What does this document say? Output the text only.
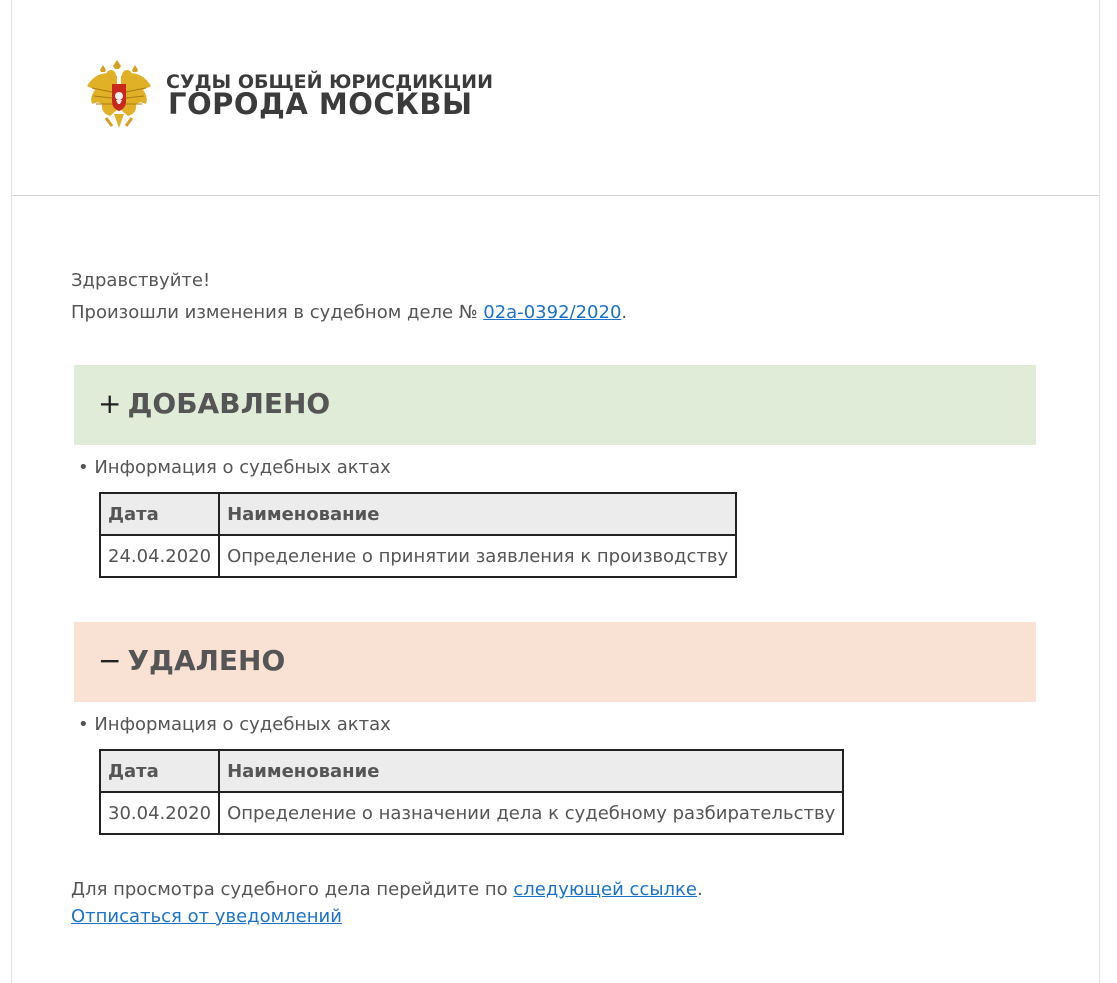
СУДЫ ОБЩЕЙ ЮРИСДИКЦИИ
ГОРОДА МОСКВЫ
Здравствуйте!
Произошли изменения в судебном деле № 02а-0392/2020.
+ ДОБАВЛЕНО
• Информация о судебных актах
Дата	Наименование
24.04.2020	Определение о принятии заявления к производству
− УДАЛЕНО
• Информация о судебных актах
Дата	Наименование
30.04.2020	Определение о назначении дела к судебному разбирательству
Для просмотра судебного дела перейдите по следующей ссылке.
Отписаться от уведомлений
